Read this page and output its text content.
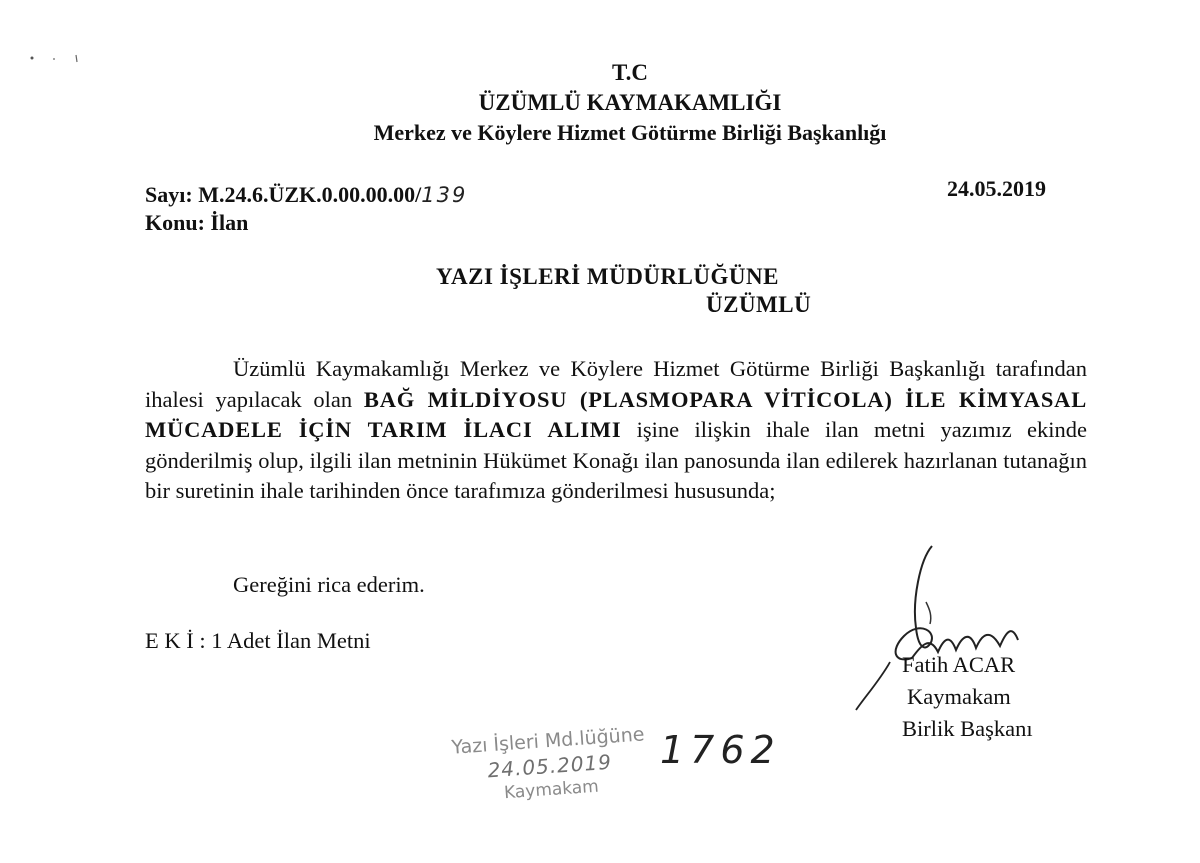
T.C
ÜZÜMLÜ KAYMAKAMLIĞI
Merkez ve Köylere Hizmet Götürme Birliği Başkanlığı
Sayı: M.24.6.ÜZK.0.00.00.00/139	24.05.2019
Konu: İlan
YAZI İŞLERİ MÜDÜRLÜĞÜNE
ÜZÜMLÜ

Üzümlü Kaymakamlığı Merkez ve Köylere Hizmet Götürme Birliği Başkanlığı tarafından ihalesi yapılacak olan BAĞ MİLDİYOSU (PLASMOPARA VİTİCOLA) İLE KİMYASAL MÜCADELE İÇİN TARIM İLACI ALIMI işine ilişkin ihale ilan metni yazımız ekinde gönderilmiş olup, ilgili ilan metninin Hükümet Konağı ilan panosunda ilan edilerek hazırlanan tutanağın bir suretinin ihale tarihinden önce tarafımıza gönderilmesi hususunda;

Gereğini rica ederim.
E K İ : 1 Adet İlan Metni
Fatih ACAR
Kaymakam
Birlik Başkanı
Yazı İşleri Md.lüğüne
24.05.2019
Kaymakam
1762
